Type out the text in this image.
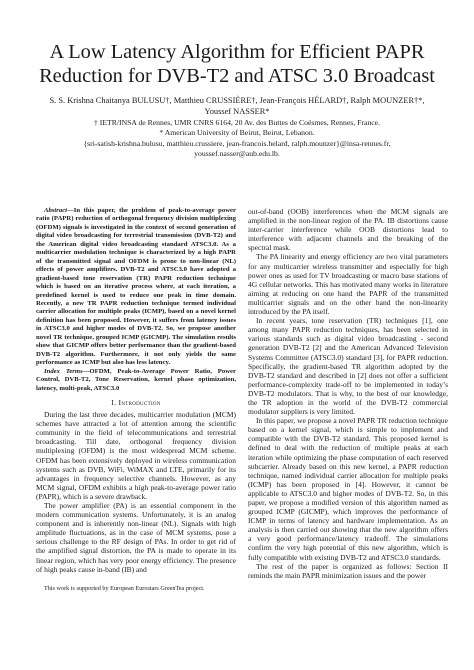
A Low Latency Algorithm for Efficient PAPR
Reduction for DVB-T2 and ATSC 3.0 Broadcast
S. S. Krishna Chaitanya BULUSU†, Matthieu CRUSSIÈRE†, Jean-François HÉLARD†, Ralph MOUNZER†*,
Youssef NASSER*
† IETR/INSA de Rennes, UMR CNRS 6164, 20 Av. des Buttes de Coësmes, Rennes, France.
* American University of Beirut, Beirut, Lebanon.
{sri-satish-krishna.bulusu, matthieu.crussiere, jean-francois.helard, ralph.mounzer}@insa-rennes.fr,
youssef.nasser@aub.edu.lb.

Abstract—In this paper, the problem of peak-to-average power ratio (PAPR) reduction of orthogonal frequency division multiplexing (OFDM) signals is investigated in the context of second generation of digital video broadcasting for terrestrial transmission (DVB-T2) and the American digital video broadcasting standard ATSC3.0. As a multicarrier modulation technique is characterized by a high PAPR of the transmitted signal and OFDM is prone to non-linear (NL) effects of power amplifiers. DVB-T2 and ATSC3.0 have adopted a gradient-based tone reservation (TR) PAPR reduction technique which is based on an iterative process where, at each iteration, a predefined kernel is used to reduce one peak in time domain. Recently, a new TR PAPR reduction technique termed individual carrier allocation for multiple peaks (ICMP), based on a novel kernel definition has been proposed. However, it suffers from latency issues in ATSC3.0 and higher modes of DVB-T2. So, we propose another novel TR technique, grouped ICMP (GICMP). The simulation results show that GICMP offers better performance than the gradient-based DVB-T2 algorithm. Furthermore, it not only yields the same performance as ICMP but also has less latency.

Index Terms—OFDM, Peak-to-Average Power Ratio, Power Control, DVB-T2, Tone Reservation, kernel phase optimization, latency, multi-peak, ATSC3.0

I. Introduction

During the last three decades, multicarrier modulation (MCM) schemes have attracted a lot of attention among the scientific community in the field of telecommunications and terrestrial broadcasting. Till date, orthogonal frequency division multiplexing (OFDM) is the most widespread MCM scheme. OFDM has been extensively deployed in wireless communication systems such as DVB, WiFi, WiMAX and LTE, primarily for its advantages in frequency selective channels. However, as any MCM signal, OFDM exhibits a high peak-to-average power ratio (PAPR), which is a severe drawback.

The power amplifier (PA) is an essential component in the modern communication systems. Unfortunately, it is an analog component and is inherently non-linear (NL). Signals with high amplitude fluctuations, as in the case of MCM systems, pose a serious challenge to the RF design of PAs. In order to get rid of the amplified signal distortion, the PA is made to operate in its linear region, which has very poor energy efficiency. The presence of high peaks cause in-band (IB) and

This work is supported by European Eurostars GreenTea project.

out-of-band (OOB) interferences when the MCM signals are amplified in the non-linear region of the PA. IB distortions cause inter-carrier interference while OOB distortions lead to interference with adjacent channels and the breaking of the spectral mask.

The PA linearity and energy efficiency are two vital parameters for any multicarrier wireless transmitter and especially for high power ones as used for TV broadcasting or macro base stations of 4G cellular networks. This has motivated many works in literature aiming at reducing on one hand the PAPR of the transmitted multicarrier signals and on the other hand the non-linearity introduced by the PA itself.

In recent years, tone reservation (TR) techniques [1], one among many PAPR reduction techniques, has been selected in various standards such as digital video broadcasting - second generation DVB-T2 [2] and the American Advanced Television Systems Committee (ATSC3.0) standard [3], for PAPR reduction. Specifically, the gradient-based TR algorithm adopted by the DVB-T2 standard and described in [2] does not offer a sufficient performance-complexity trade-off to be implemented in today’s DVB-T2 modulators. That is why, to the best of our knowledge, the TR adoption in the world of the DVB-T2 commercial modulator suppliers is very limited.

In this paper, we propose a novel PAPR TR reduction technique based on a kernel signal, which is simple to implement and compatible with the DVB-T2 standard. This proposed kernel is defined to deal with the reduction of multiple peaks at each iteration while optimizing the phase computation of each reserved subcarrier. Already based on this new kernel, a PAPR reduction technique, named individual carrier allocation for multiple peaks (ICMP) has been proposed in [4]. However, it cannot be applicable to ATSC3.0 and higher modes of DVB-T2. So, in this paper, we propose a modified version of this algorithm named as grouped ICMP (GICMP), which improves the performance of ICMP in terms of latency and hardware implementation. As an analysis is then carried out showing that the new algorithm offers a very good performance/latency tradeoff. The simulations confirm the very high potential of this new algorithm, which is fully compatible with existing DVB-T2 and ATSC3.0 standards.

The rest of the paper is organized as follows: Section II reminds the main PAPR minimization issues and the power
